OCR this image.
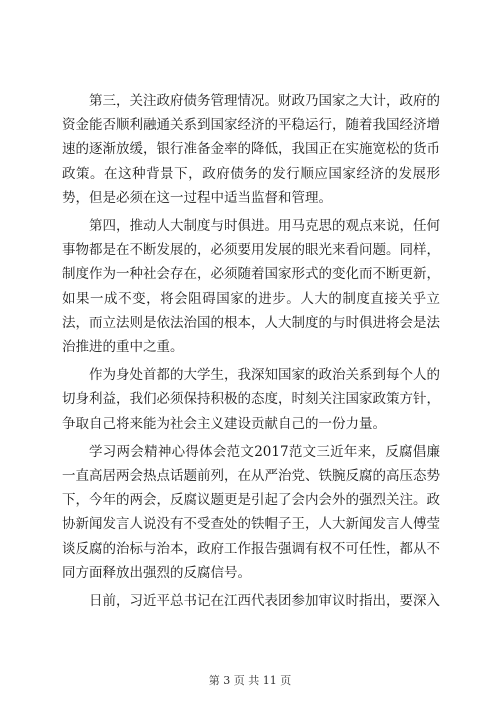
第三，关注政府债务管理情况。财政乃国家之大计，政府的资金能否顺利融通关系到国家经济的平稳运行，随着我国经济增速的逐渐放缓，银行准备金率的降低，我国正在实施宽松的货币政策。在这种背景下，政府债务的发行顺应国家经济的发展形势，但是必须在这一过程中适当监督和管理。

第四，推动人大制度与时俱进。用马克思的观点来说，任何事物都是在不断发展的，必须要用发展的眼光来看问题。同样，制度作为一种社会存在，必须随着国家形式的变化而不断更新，如果一成不变，将会阻碍国家的进步。人大的制度直接关乎立法，而立法则是依法治国的根本，人大制度的与时俱进将会是法治推进的重中之重。

作为身处首都的大学生，我深知国家的政治关系到每个人的切身利益，我们必须保持积极的态度，时刻关注国家政策方针，争取自己将来能为社会主义建设贡献自己的一份力量。

学习两会精神心得体会范文2017范文三近年来，反腐倡廉一直高居两会热点话题前列，在从严治党、铁腕反腐的高压态势下，今年的两会，反腐议题更是引起了会内会外的强烈关注。政协新闻发言人说没有不受查处的铁帽子王，人大新闻发言人傅莹谈反腐的治标与治本，政府工作报告强调有权不可任性，都从不同方面释放出强烈的反腐信号。

日前，习近平总书记在江西代表团参加审议时指出，要深入

第 3 页 共 11 页
